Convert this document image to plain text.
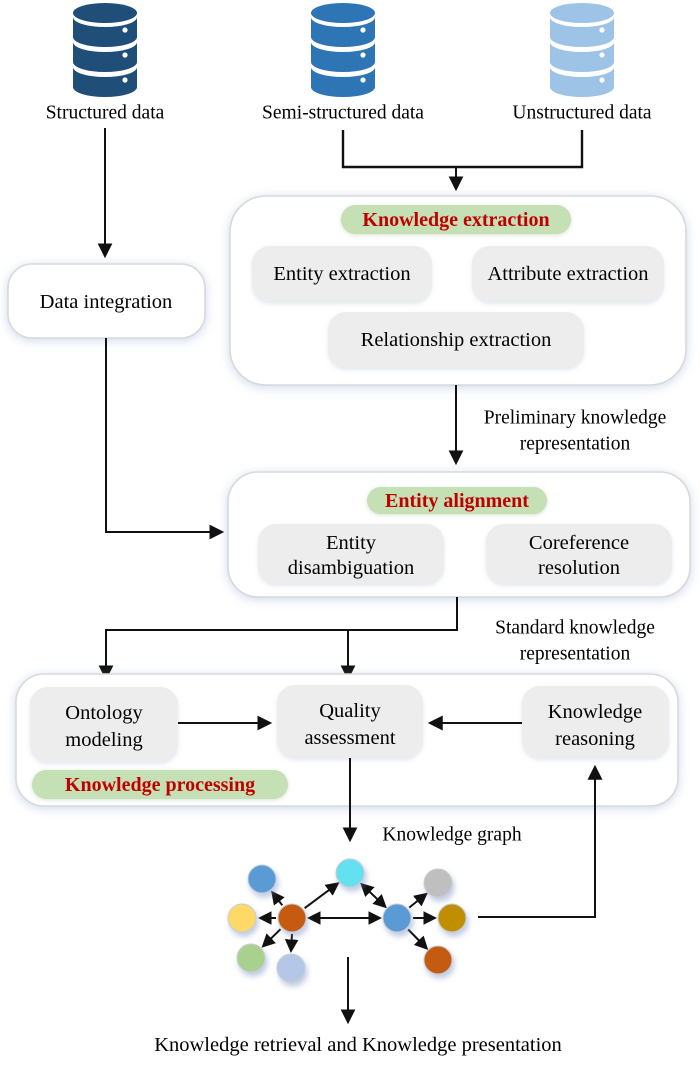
Structured data	Semi-structured data	Unstructured data
Data integration
Knowledge extraction
Entity extraction	Attribute extraction
Relationship extraction
Preliminary knowledge
representation
Entity alignment
Entity
disambiguation
Coreference
resolution
Standard knowledge
representation
Ontology
modeling
Quality
assessment
Knowledge
reasoning
Knowledge processing
Knowledge graph
Knowledge retrieval and Knowledge presentation
